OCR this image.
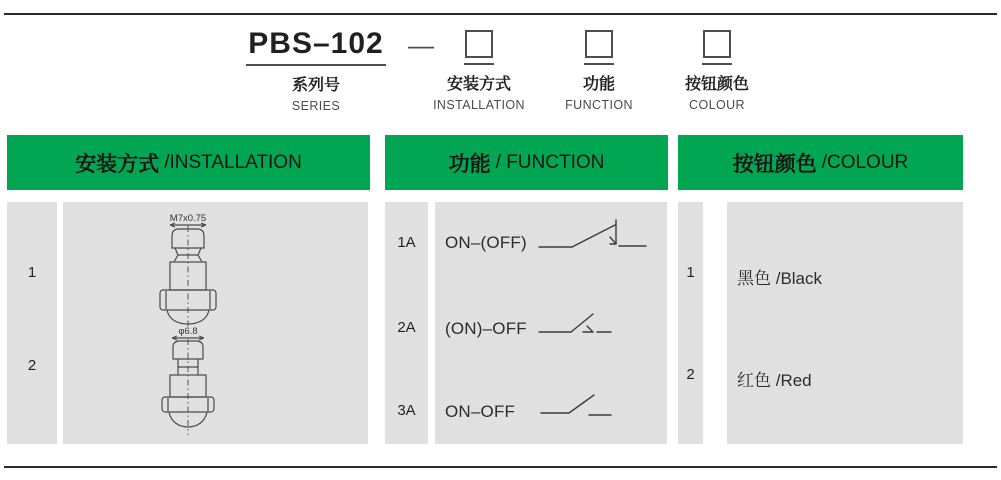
PBS–102
系列号
SERIES
—
安装方式
INSTALLATION
功能
FUNCTION
按钮颜色
COLOUR
安装方式 /INSTALLATION	功能 / FUNCTION	按钮颜色 /COLOUR
1
2
M7x0.75
φ6.8
1A
2A
3A
ON–(OFF)
(ON)–OFF
ON–OFF
1
2
黑色 /Black
红色 /Red
